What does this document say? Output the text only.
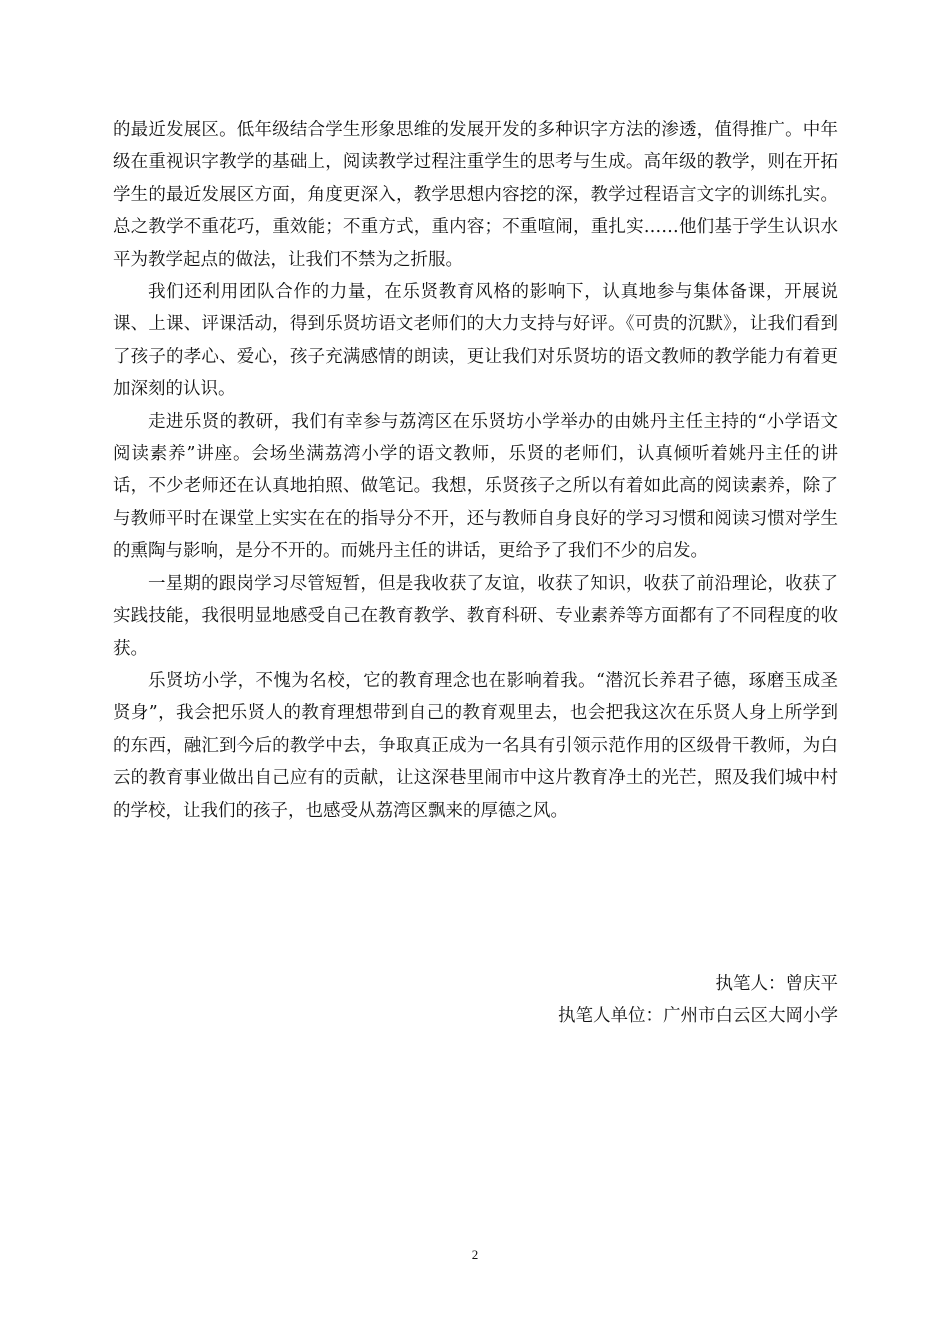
的最近发展区。低年级结合学生形象思维的发展开发的多种识字方法的渗透，值得推广。中年级在重视识字教学的基础上，阅读教学过程注重学生的思考与生成。高年级的教学，则在开拓学生的最近发展区方面，角度更深入，教学思想内容挖的深，教学过程语言文字的训练扎实。总之教学不重花巧，重效能；不重方式，重内容；不重喧闹，重扎实……他们基于学生认识水平为教学起点的做法，让我们不禁为之折服。

我们还利用团队合作的力量，在乐贤教育风格的影响下，认真地参与集体备课，开展说课、上课、评课活动，得到乐贤坊语文老师们的大力支持与好评。《可贵的沉默》，让我们看到了孩子的孝心、爱心，孩子充满感情的朗读，更让我们对乐贤坊的语文教师的教学能力有着更加深刻的认识。

走进乐贤的教研，我们有幸参与荔湾区在乐贤坊小学举办的由姚丹主任主持的“小学语文阅读素养”讲座。会场坐满荔湾小学的语文教师，乐贤的老师们，认真倾听着姚丹主任的讲话，不少老师还在认真地拍照、做笔记。我想，乐贤孩子之所以有着如此高的阅读素养，除了与教师平时在课堂上实实在在的指导分不开，还与教师自身良好的学习习惯和阅读习惯对学生的熏陶与影响，是分不开的。而姚丹主任的讲话，更给予了我们不少的启发。

一星期的跟岗学习尽管短暂，但是我收获了友谊，收获了知识，收获了前沿理论，收获了实践技能，我很明显地感受自己在教育教学、教育科研、专业素养等方面都有了不同程度的收获。

乐贤坊小学，不愧为名校，它的教育理念也在影响着我。“潜沉长养君子德，琢磨玉成圣贤身”，我会把乐贤人的教育理想带到自己的教育观里去，也会把我这次在乐贤人身上所学到的东西，融汇到今后的教学中去，争取真正成为一名具有引领示范作用的区级骨干教师，为白云的教育事业做出自己应有的贡献，让这深巷里闹市中这片教育净土的光芒，照及我们城中村的学校，让我们的孩子，也感受从荔湾区飘来的厚德之风。

执笔人：曾庆平
执笔人单位：广州市白云区大岡小学
2
